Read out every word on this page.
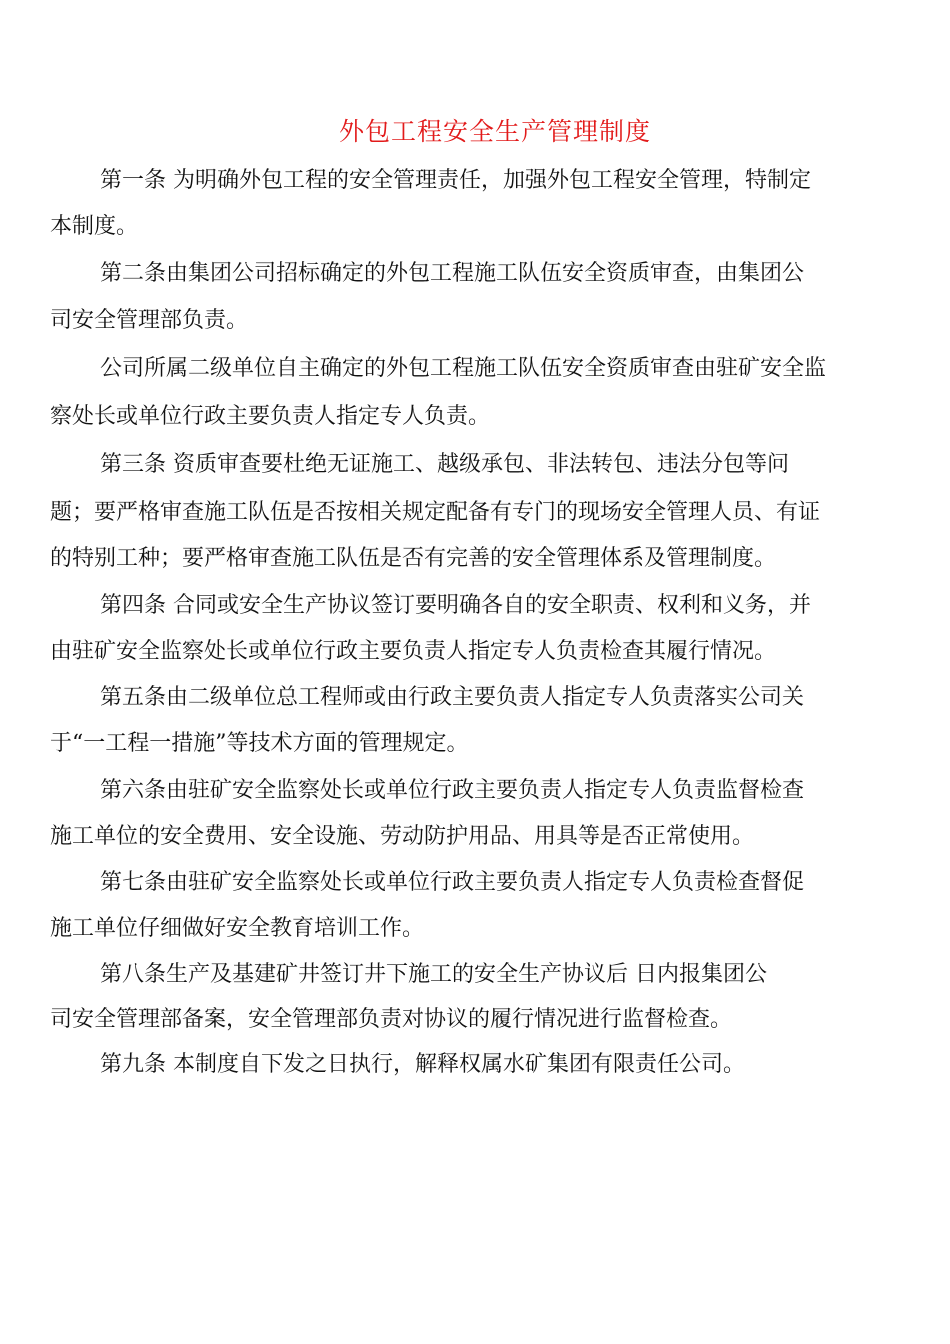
外包工程安全生产管理制度
第一条 为明确外包工程的安全管理责任，加强外包工程安全管理，特制定
本制度。
第二条由集团公司招标确定的外包工程施工队伍安全资质审查，由集团公
司安全管理部负责。
公司所属二级单位自主确定的外包工程施工队伍安全资质审查由驻矿安全监
察处长或单位行政主要负责人指定专人负责。
第三条 资质审查要杜绝无证施工、越级承包、非法转包、违法分包等问
题；要严格审查施工队伍是否按相关规定配备有专门的现场安全管理人员、有证
的特别工种；要严格审查施工队伍是否有完善的安全管理体系及管理制度。
第四条 合同或安全生产协议签订要明确各自的安全职责、权利和义务，并
由驻矿安全监察处长或单位行政主要负责人指定专人负责检查其履行情况。
第五条由二级单位总工程师或由行政主要负责人指定专人负责落实公司关
于“一工程一措施”等技术方面的管理规定。
第六条由驻矿安全监察处长或单位行政主要负责人指定专人负责监督检查
施工单位的安全费用、安全设施、劳动防护用品、用具等是否正常使用。
第七条由驻矿安全监察处长或单位行政主要负责人指定专人负责检查督促
施工单位仔细做好安全教育培训工作。
第八条生产及基建矿井签订井下施工的安全生产协议后 日内报集团公
司安全管理部备案，安全管理部负责对协议的履行情况进行监督检查。
第九条 本制度自下发之日执行，解释权属水矿集团有限责任公司。
